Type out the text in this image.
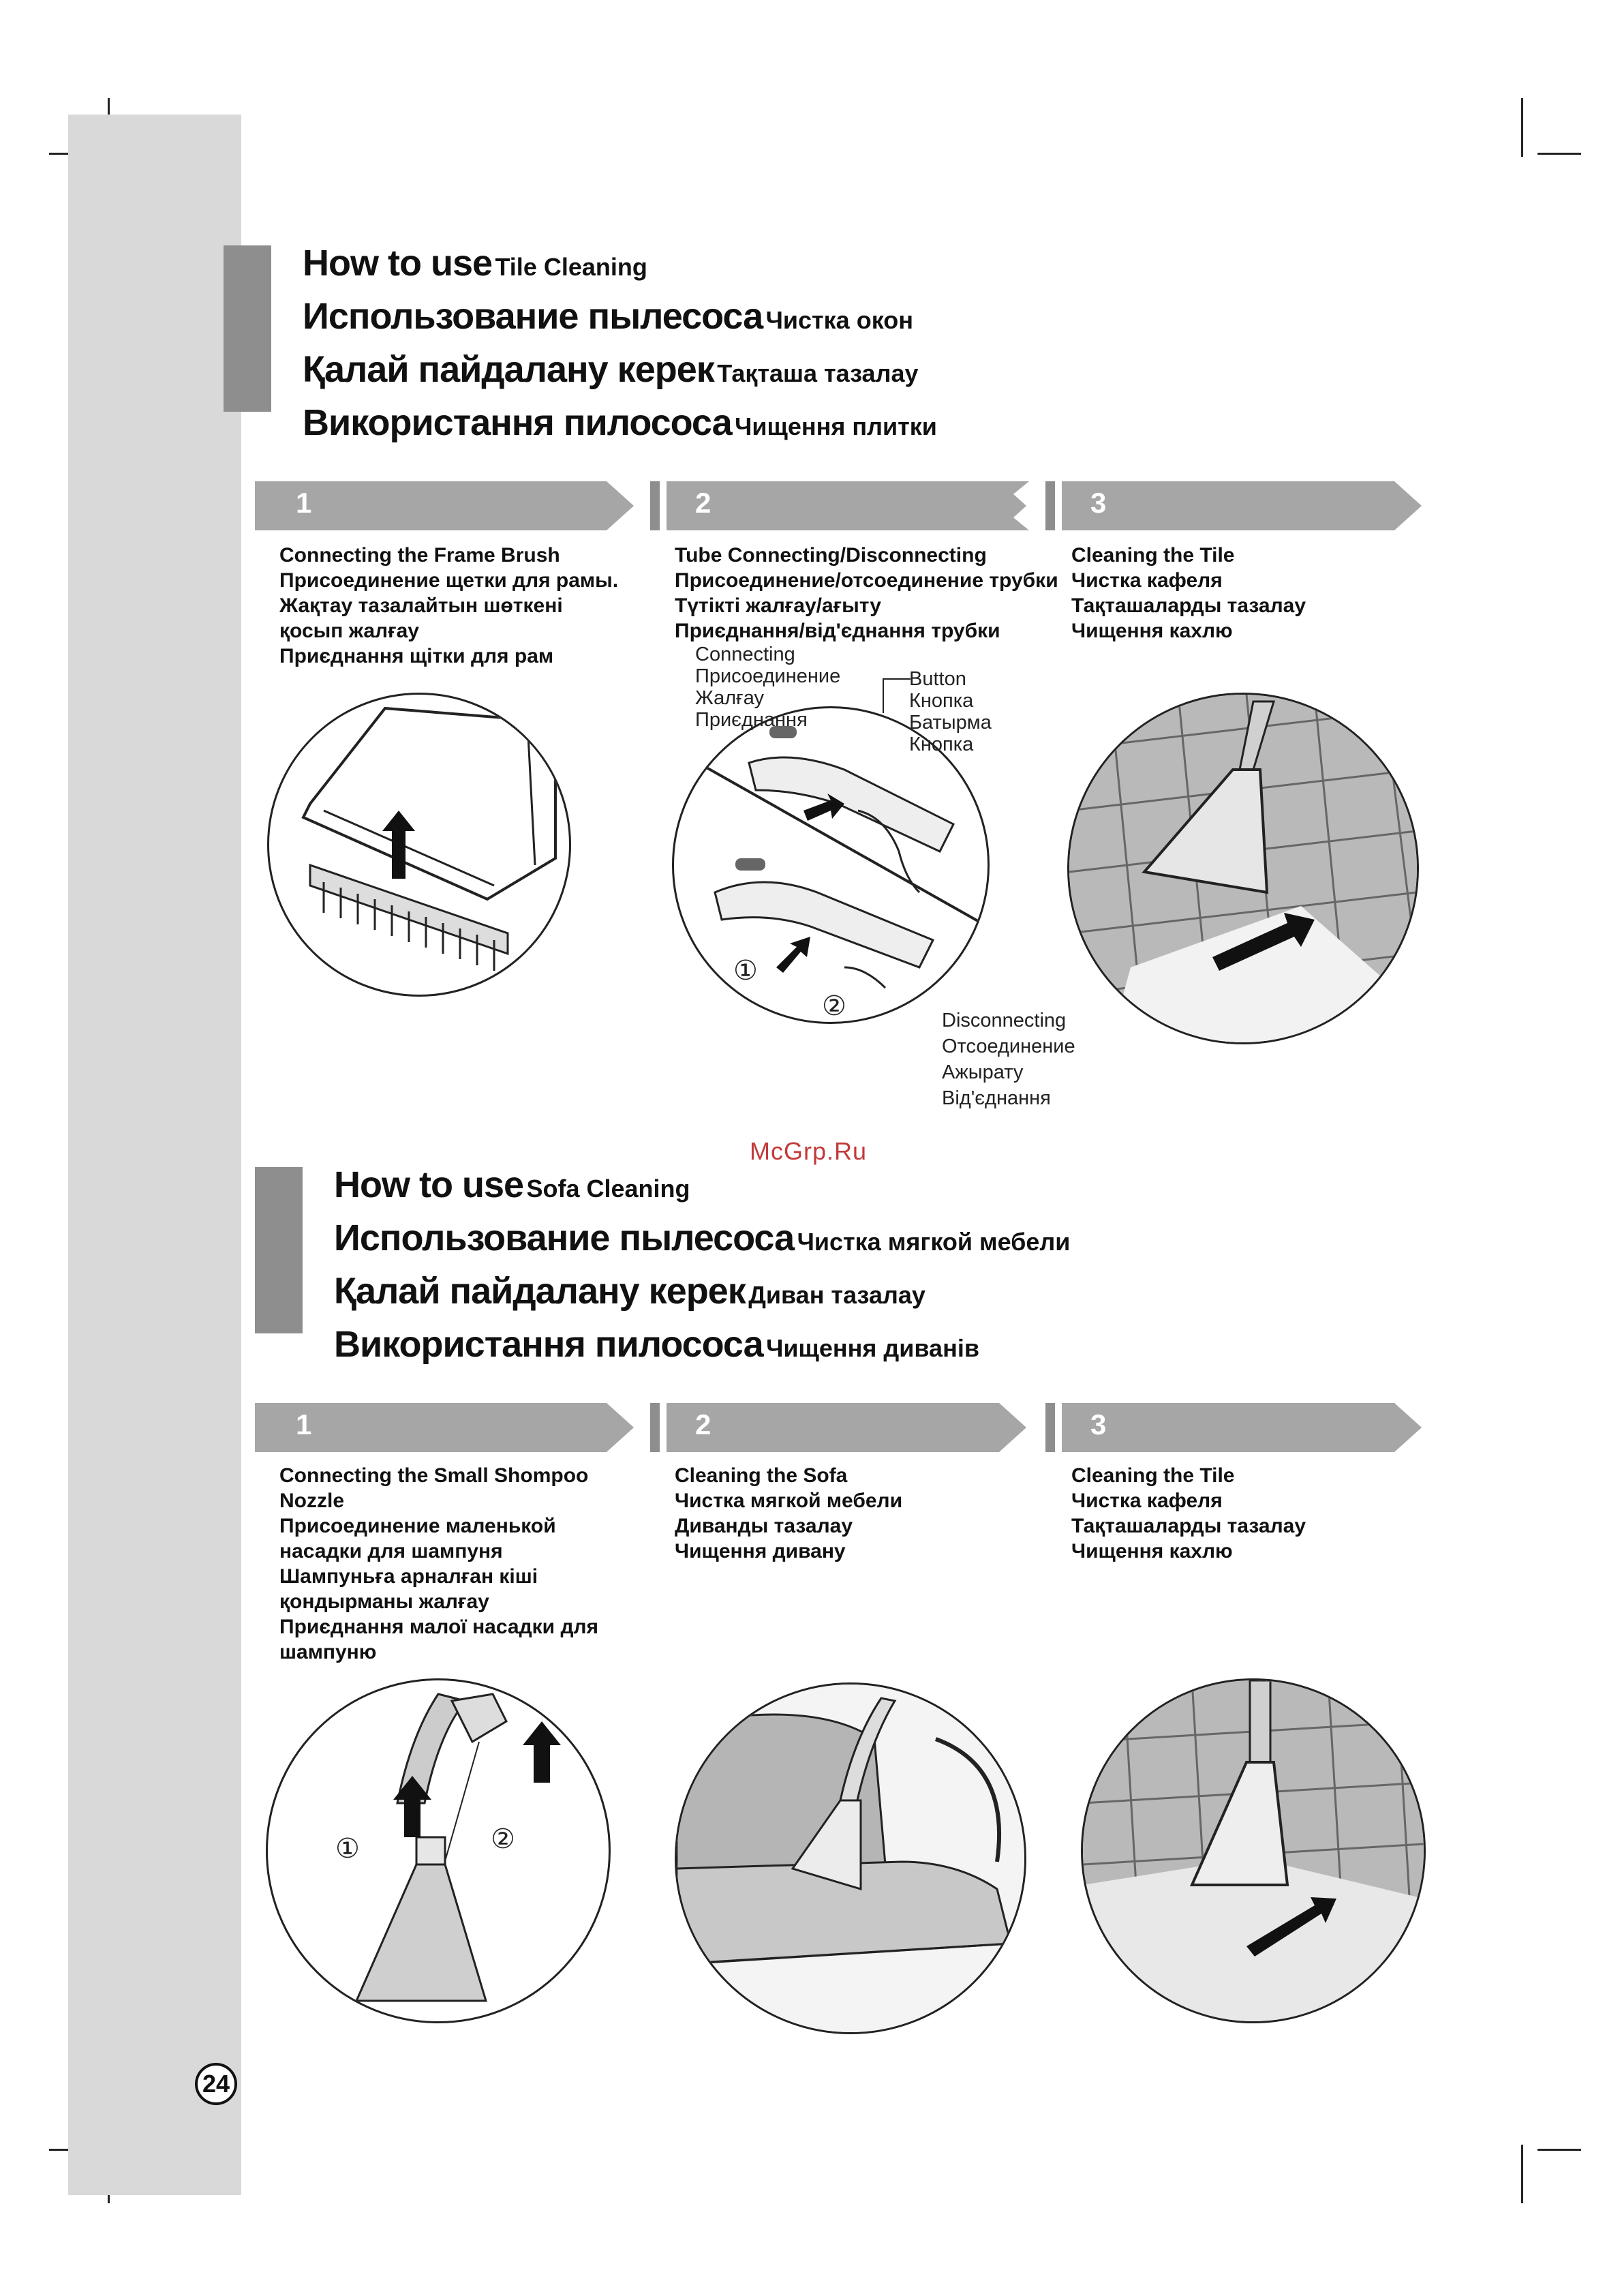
How to use Tile Cleaning
Использование пылесоса Чистка окон
Қалай пайдалану керек Тақташа тазалау
Використання пилососа Чищення плитки
1	2	3
Connecting the Frame Brush
Присоединение щетки для рамы.
Жақтау тазалайтын шөткені
қосып жалғау
Приєднання щітки для рам
Tube Connecting/Disconnecting
Присоединение/отсоединение трубки
Түтікті жалғау/ағыту
Приєднання/від'єднання трубки
Cleaning the Tile
Чистка кафеля
Тақташаларды тазалау
Чищення кахлю
Connecting
Присоединение
Жалғау
Приєднання
Button
Кнопка
Батырма
Кнопка
①
②	Disconnecting
Отсоединение
Ажырату
Від'єднання
McGrp.Ru
How to use Sofa Cleaning
Использование пылесоса Чистка мягкой мебели
Қалай пайдалану керек Диван тазалау
Використання пилососа Чищення диванів
1	2	3
Connecting the Small Shompoo
Nozzle
Присоединение маленькой
насадки для шампуня
Шампуньға арналған кіші
қондырманы жалғау
Приєднання малої насадки для
шампуню
Cleaning the Sofa
Чистка мягкой мебели
Диванды тазалау
Чищення дивану
Cleaning the Tile
Чистка кафеля
Тақташаларды тазалау
Чищення кахлю
①	②
24
